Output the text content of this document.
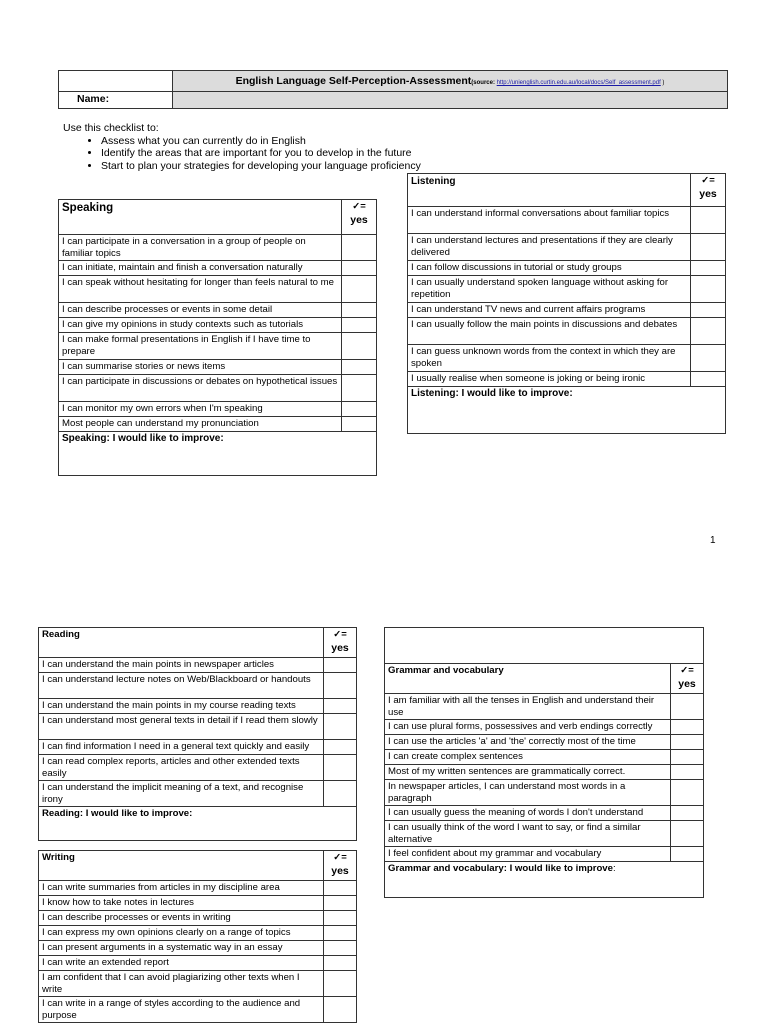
	English Language Self-Perception-Assessment(source: http://unienglish.curtin.edu.au/local/docs/Self_assessment.pdf )
Name:	
Use this checklist to:
• Assess what you can currently do in English
• Identify the areas that are important for you to develop in the future
• Start to plan your strategies for developing your language proficiency
Speaking	✓=
yes

I can participate in a conversation in a group of people on familiar topics	
I can initiate, maintain and finish a conversation naturally	
I can speak without hesitating for longer than feels natural to me	
I can describe processes or events in some detail	
I can give my opinions in study contexts such as tutorials	
I can make formal presentations in English if I have time to prepare	
I can summarise stories or news items	
I can participate in discussions or debates on hypothetical issues	
I can monitor my own errors when I'm speaking	
Most people can understand my pronunciation	
Speaking: I would like to improve:	
Listening	✓=
yes

I can understand informal conversations about familiar topics	
I can understand lectures and presentations if they are clearly delivered	
I can follow discussions in tutorial or study groups	
I can usually understand spoken language without asking for repetition	
I can understand TV news and current affairs programs	
I can usually follow the main points in discussions and debates	
I can guess unknown words from the context in which they are spoken	
I usually realise when someone is joking or being ironic	
Listening: I would like to improve:	
1
Reading	✓=
yes

I can understand the main points in newspaper articles	
I can understand lecture notes on Web/Blackboard or handouts	
I can understand the main points in my course reading texts	
I can understand most general texts in detail if I read them slowly	
I can find information I need in a general text quickly and easily	
I can read complex reports, articles and other extended texts easily	
I can understand the implicit meaning of a text, and recognise irony	
Reading: I would like to improve:	
Grammar and vocabulary	✓=
yes

I am familiar with all the tenses in English and understand their use	
I can use plural forms, possessives and verb endings correctly	
I can use the articles 'a' and 'the' correctly most of the time	
I can create complex sentences	
Most of my written sentences are grammatically correct.	
In newspaper articles, I can understand most words in a paragraph	
I can usually guess the meaning of words I don't understand	
I can usually think of the word I want to say, or find a similar alternative	
I feel confident about my grammar and vocabulary	
Grammar and vocabulary: I would like to improve:	
Writing	✓=
yes

I can write summaries from articles in my discipline area	
I know how to take notes in lectures	
I can describe processes or events in writing	
I can express my own opinions clearly on a range of topics	
I can present arguments in a systematic way in an essay	
I can write an extended report	
I am confident that I can avoid plagiarizing other texts when I write	
I can write in a range of styles according to the audience and purpose	
